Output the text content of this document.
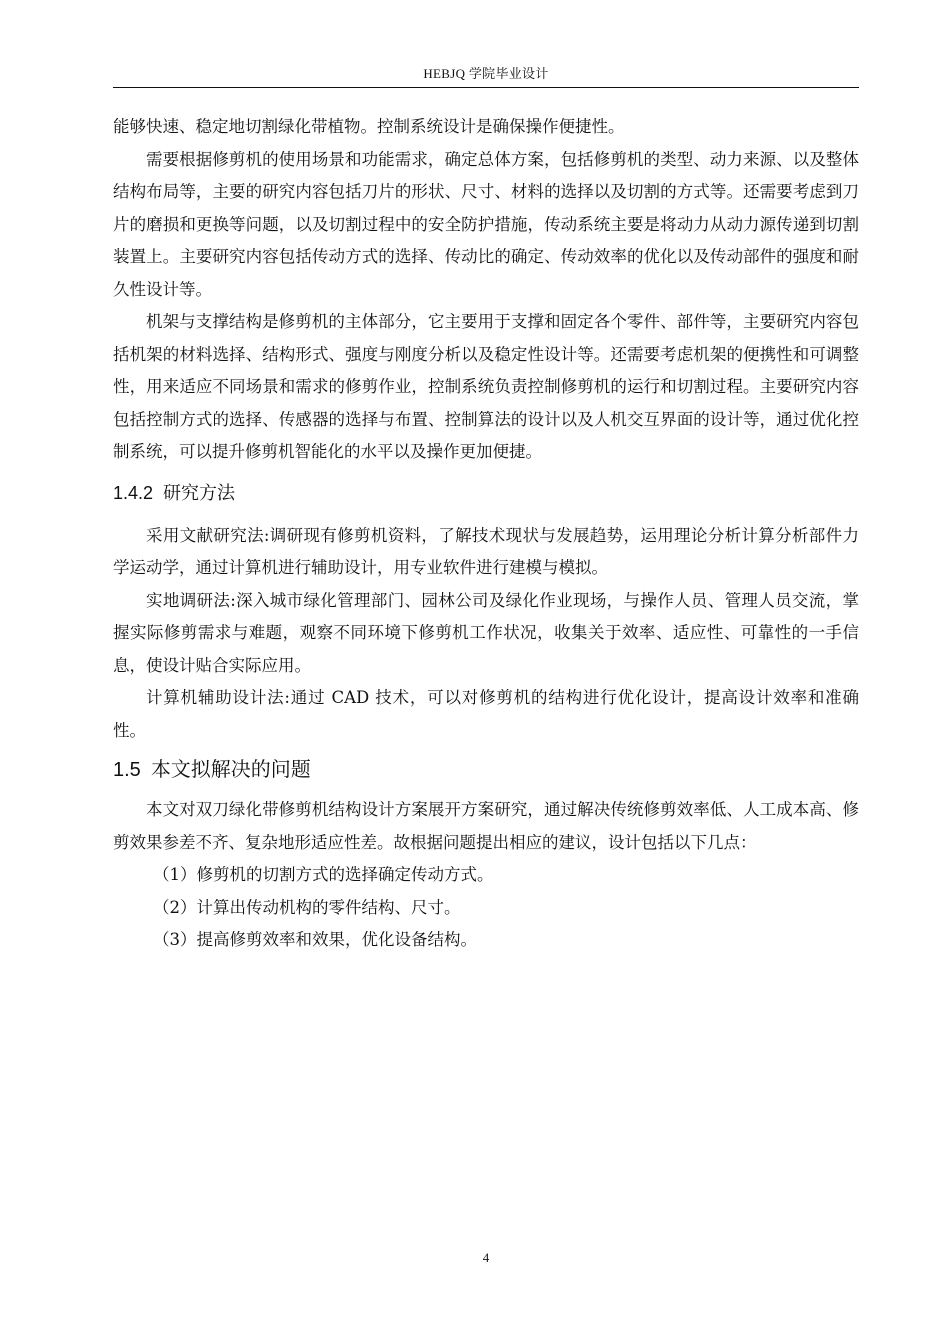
HEBJQ 学院毕业设计

能够快速、稳定地切割绿化带植物。控制系统设计是确保操作便捷性。

需要根据修剪机的使用场景和功能需求，确定总体方案，包括修剪机的类型、动力来源、以及整体结构布局等，主要的研究内容包括刀片的形状、尺寸、材料的选择以及切割的方式等。还需要考虑到刀片的磨损和更换等问题，以及切割过程中的安全防护措施，传动系统主要是将动力从动力源传递到切割装置上。主要研究内容包括传动方式的选择、传动比的确定、传动效率的优化以及传动部件的强度和耐久性设计等。

机架与支撑结构是修剪机的主体部分，它主要用于支撑和固定各个零件、部件等，主要研究内容包括机架的材料选择、结构形式、强度与刚度分析以及稳定性设计等。还需要考虑机架的便携性和可调整性，用来适应不同场景和需求的修剪作业，控制系统负责控制修剪机的运行和切割过程。主要研究内容包括控制方式的选择、传感器的选择与布置、控制算法的设计以及人机交互界面的设计等，通过优化控制系统，可以提升修剪机智能化的水平以及操作更加便捷。

1.4.2 研究方法

采用文献研究法:调研现有修剪机资料，了解技术现状与发展趋势，运用理论分析计算分析部件力学运动学，通过计算机进行辅助设计，用专业软件进行建模与模拟。

实地调研法:深入城市绿化管理部门、园林公司及绿化作业现场，与操作人员、管理人员交流，掌握实际修剪需求与难题，观察不同环境下修剪机工作状况，收集关于效率、适应性、可靠性的一手信息，使设计贴合实际应用。

计算机辅助设计法:通过 CAD 技术，可以对修剪机的结构进行优化设计，提高设计效率和准确性。

1.5 本文拟解决的问题

本文对双刀绿化带修剪机结构设计方案展开方案研究，通过解决传统修剪效率低、人工成本高、修剪效果参差不齐、复杂地形适应性差。故根据问题提出相应的建议，设计包括以下几点：

（1）修剪机的切割方式的选择确定传动方式。

（2）计算出传动机构的零件结构、尺寸。

（3）提高修剪效率和效果，优化设备结构。

4
